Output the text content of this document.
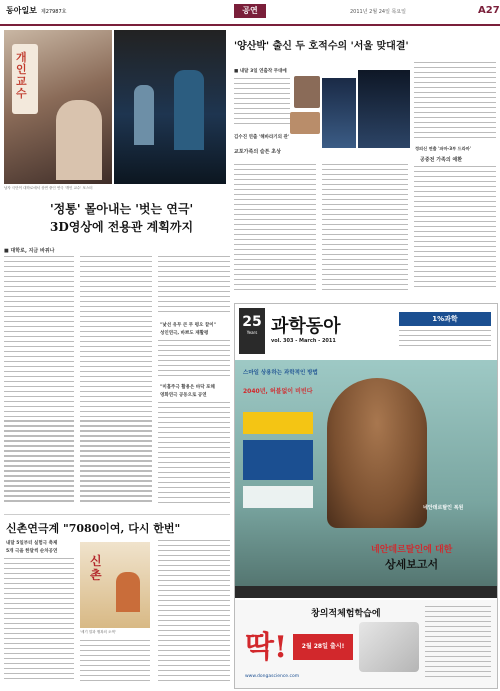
동아일보 제27987호	공연	2011년 2월 24일 목요일	A27
개
인
교
수
남자 극단이 대학로에서 상연 중인 연극 '개인 교수' 포스터
'정통' 몰아내는 '벗는 연극'
3D영상에 전용관 계획까지
■ 대학로, 지금 바뀌나
"낯선 유무 큰 무 평오 끝이"
성인연극, 바쁘도 재활평
"미흡주극 활용은 바닥 포해
영화연극 공동으로 공연
신촌연극계 "7080이여, 다시 한번"
내달 5일부터 실험극 축제
5개 극을 한달씩 순차공연
신
촌
'세기 말과 행복의 오색'
'양산박' 출신 두 호적수의 '서울 맞대결'
■ 내달 3일 연출작 무대에
김수진 연출 '해바라기의 관'
교포가족의 슬픈 초상
정의신 연출 '파마-3부 드라마'
공중전 가족의 애환
25
Years 과학동아
vol. 303 - March - 2011
1%과학
스마일 상용하는 과학적인 방법
2040년, 허블없이 비빈다
네안데르탈인 복원
네안데르탈인에 대한
상세보고서
창의적체험학습에
딱!	2월 28일 출시!
www.dongascience.com
